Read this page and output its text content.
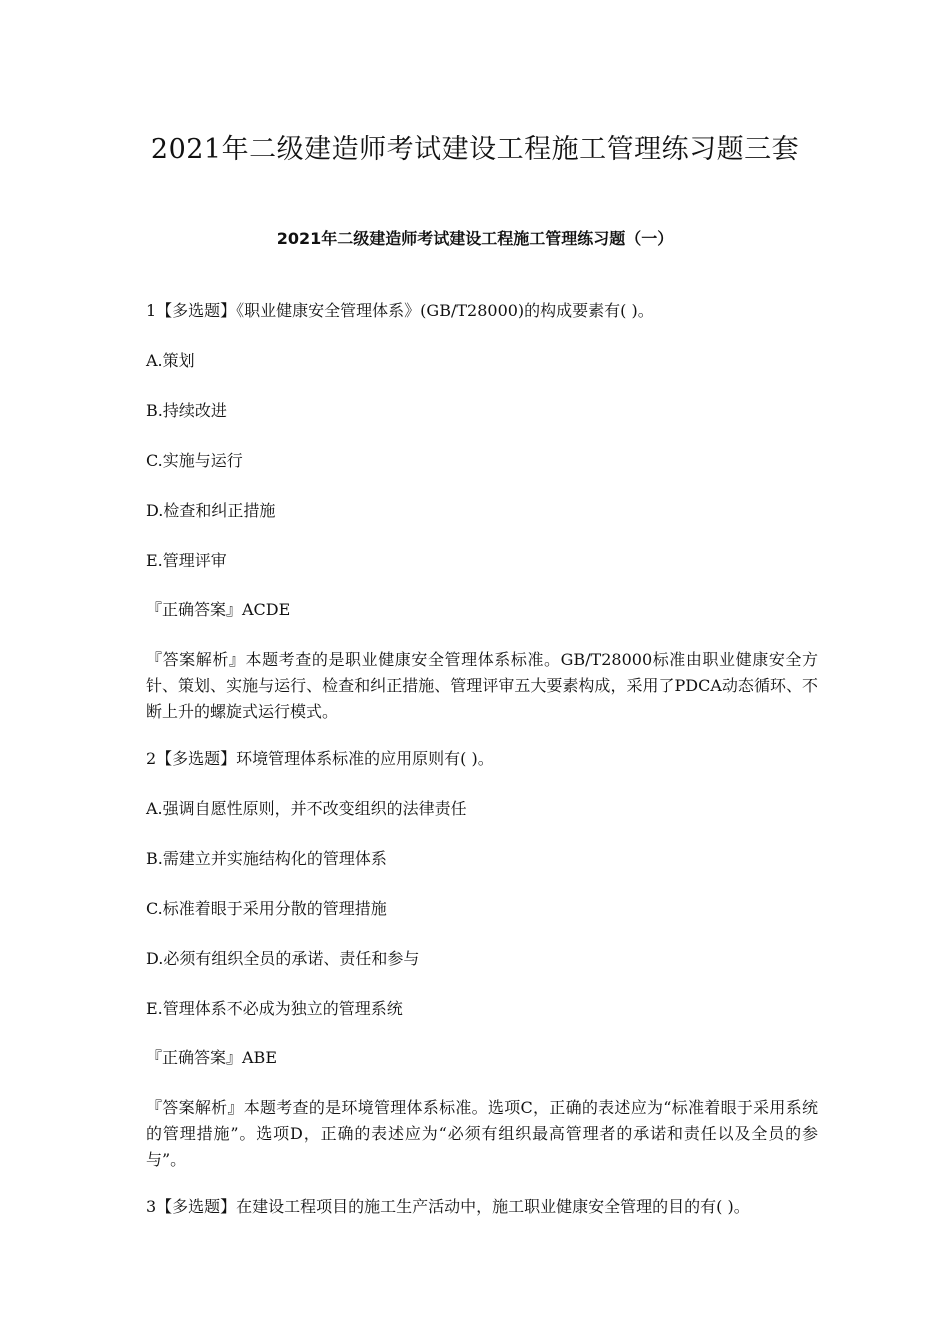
2021年二级建造师考试建设工程施工管理练习题三套
2021年二级建造师考试建设工程施工管理练习题（一）

1【多选题】《职业健康安全管理体系》(GB/T28000)的构成要素有( )。

A.策划

B.持续改进

C.实施与运行

D.检查和纠正措施

E.管理评审

『正确答案』ACDE

『答案解析』本题考查的是职业健康安全管理体系标准。GB/T28000标准由职业健康安全方针、策划、实施与运行、检查和纠正措施、管理评审五大要素构成，采用了PDCA动态循环、不断上升的螺旋式运行模式。

2【多选题】环境管理体系标准的应用原则有( )。

A.强调自愿性原则，并不改变组织的法律责任

B.需建立并实施结构化的管理体系

C.标准着眼于采用分散的管理措施

D.必须有组织全员的承诺、责任和参与

E.管理体系不必成为独立的管理系统

『正确答案』ABE

『答案解析』本题考查的是环境管理体系标准。选项C，正确的表述应为“标准着眼于采用系统的管理措施”。选项D，正确的表述应为“必须有组织最高管理者的承诺和责任以及全员的参与”。

3【多选题】在建设工程项目的施工生产活动中，施工职业健康安全管理的目的有( )。
